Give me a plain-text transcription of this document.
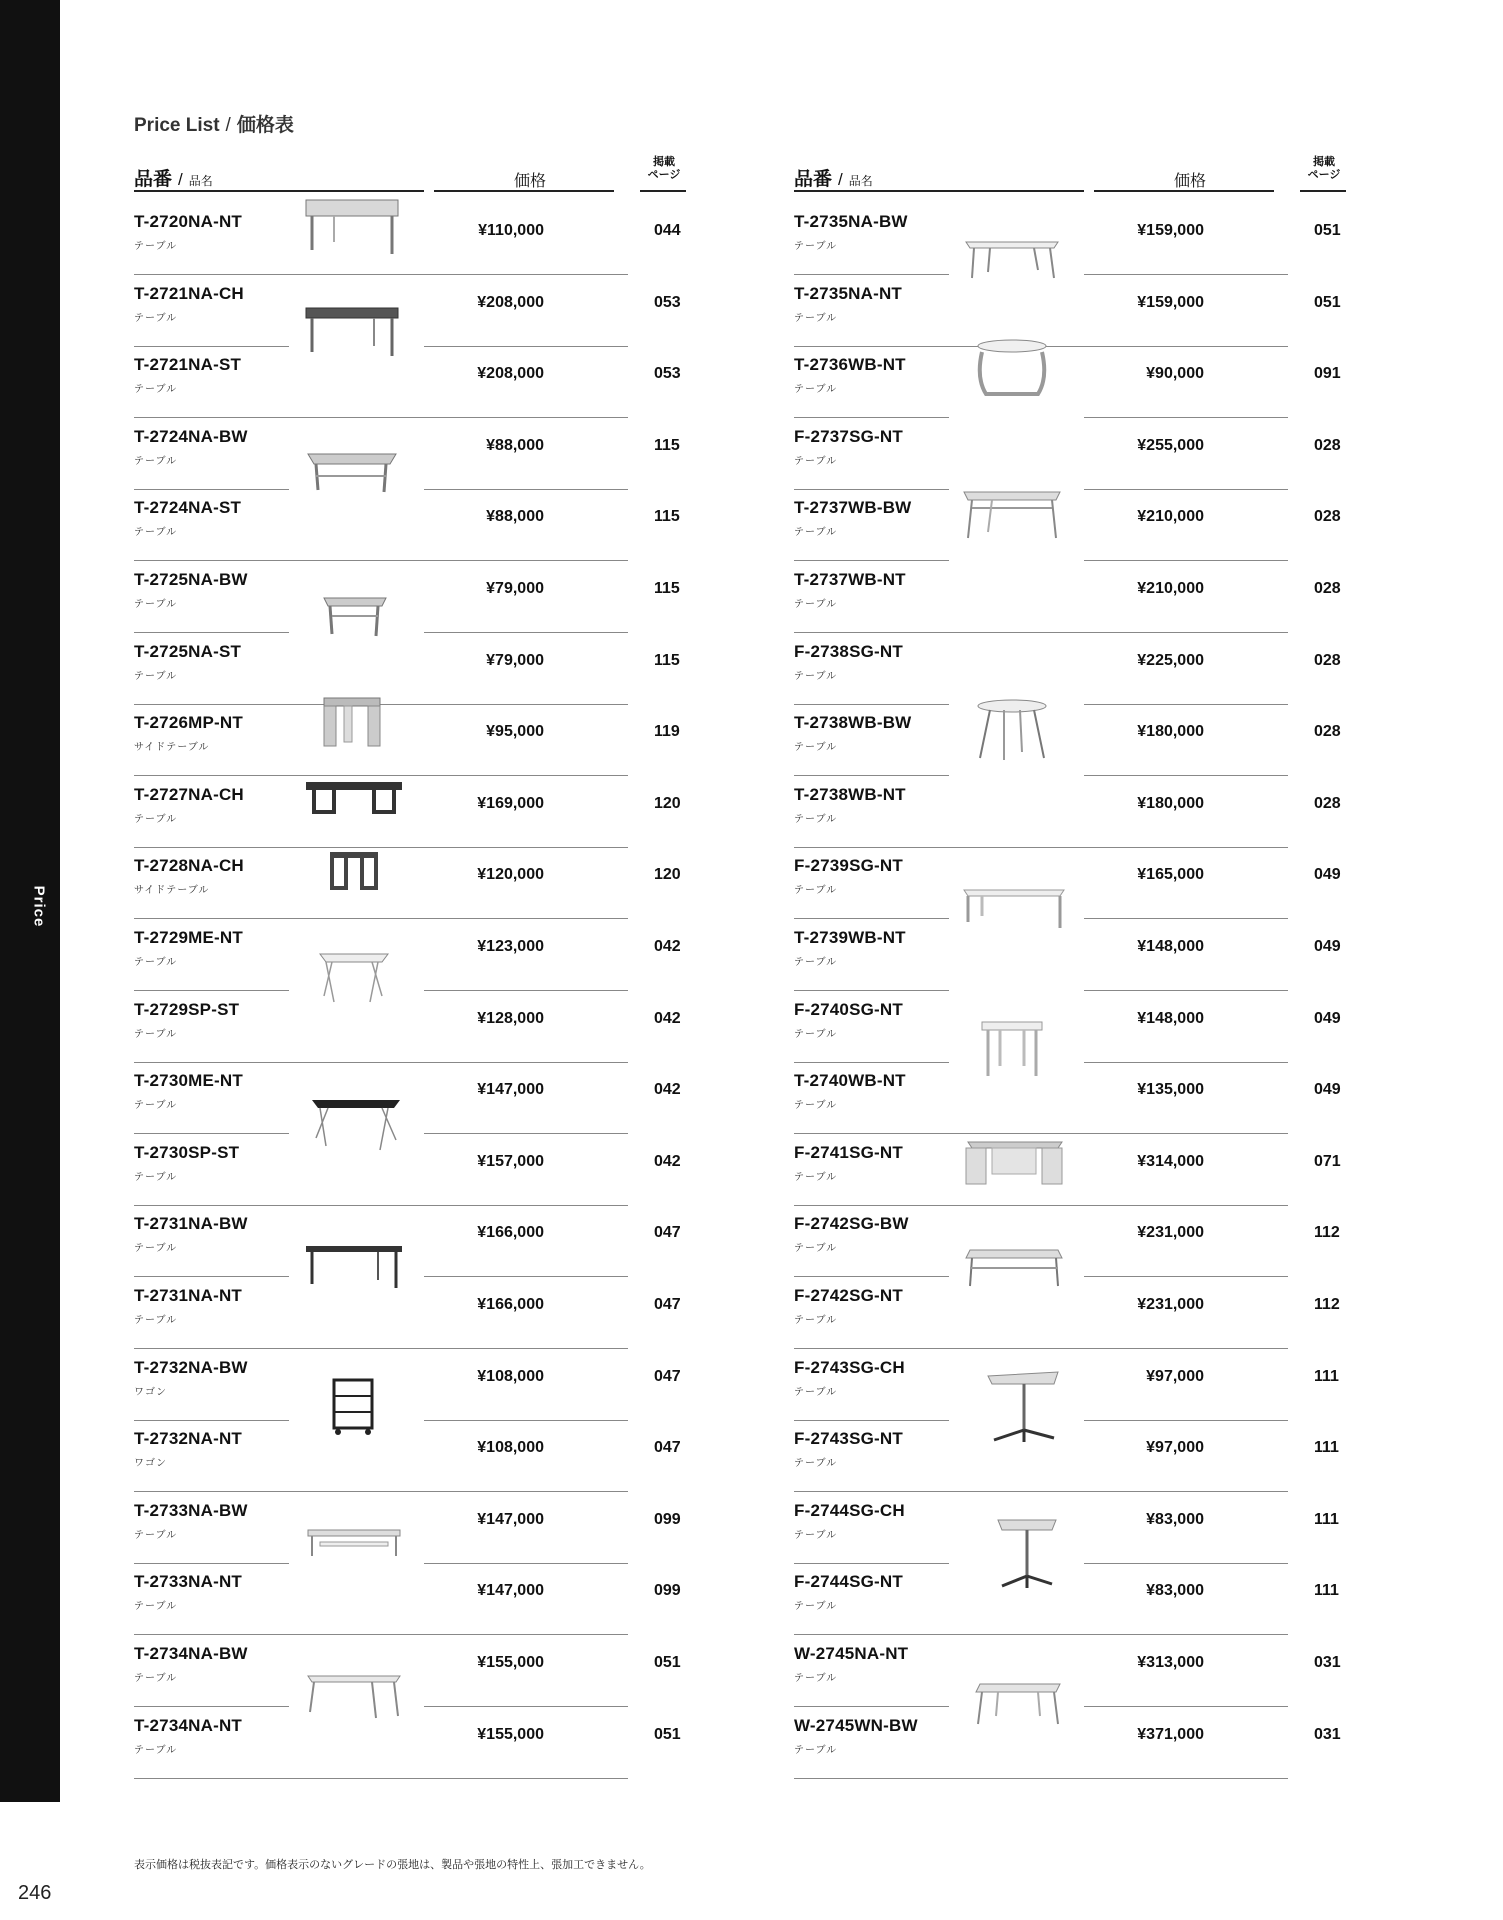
Price
Price List / 価格表
品番 / 品名	価格
掲載
ページ
T-2720NA-NT
テーブル
¥110,000	044
T-2721NA-CH
テーブル
¥208,000	053
T-2721NA-ST
テーブル
¥208,000	053
T-2724NA-BW
テーブル
¥88,000	115
T-2724NA-ST
テーブル
¥88,000	115
T-2725NA-BW
テーブル
¥79,000	115
T-2725NA-ST
テーブル
¥79,000	115
T-2726MP-NT
サイドテーブル
¥95,000	119
T-2727NA-CH
テーブル
¥169,000	120
T-2728NA-CH
サイドテーブル
¥120,000	120
T-2729ME-NT
テーブル
¥123,000	042
T-2729SP-ST
テーブル
¥128,000	042
T-2730ME-NT
テーブル
¥147,000	042
T-2730SP-ST
テーブル
¥157,000	042
T-2731NA-BW
テーブル
¥166,000	047
T-2731NA-NT
テーブル
¥166,000	047
T-2732NA-BW
ワゴン
¥108,000	047
T-2732NA-NT
ワゴン
¥108,000	047
T-2733NA-BW
テーブル
¥147,000	099
T-2733NA-NT
テーブル
¥147,000	099
T-2734NA-BW
テーブル
¥155,000	051
T-2734NA-NT
テーブル
¥155,000	051
品番 / 品名	価格
掲載
ページ
T-2735NA-BW
テーブル
¥159,000	051
T-2735NA-NT
テーブル
¥159,000	051
T-2736WB-NT
テーブル
¥90,000	091
F-2737SG-NT
テーブル
¥255,000	028
T-2737WB-BW
テーブル
¥210,000	028
T-2737WB-NT
テーブル
¥210,000	028
F-2738SG-NT
テーブル
¥225,000	028
T-2738WB-BW
テーブル
¥180,000	028
T-2738WB-NT
テーブル
¥180,000	028
F-2739SG-NT
テーブル
¥165,000	049
T-2739WB-NT
テーブル
¥148,000	049
F-2740SG-NT
テーブル
¥148,000	049
T-2740WB-NT
テーブル
¥135,000	049
F-2741SG-NT
テーブル
¥314,000	071
F-2742SG-BW
テーブル
¥231,000	112
F-2742SG-NT
テーブル
¥231,000	112
F-2743SG-CH
テーブル
¥97,000	111
F-2743SG-NT
テーブル
¥97,000	111
F-2744SG-CH
テーブル
¥83,000	111
F-2744SG-NT
テーブル
¥83,000	111
W-2745NA-NT
テーブル
¥313,000	031
W-2745WN-BW
テーブル
¥371,000	031
表示価格は税抜表記です。価格表示のないグレードの張地は、製品や張地の特性上、張加工できません。
246
